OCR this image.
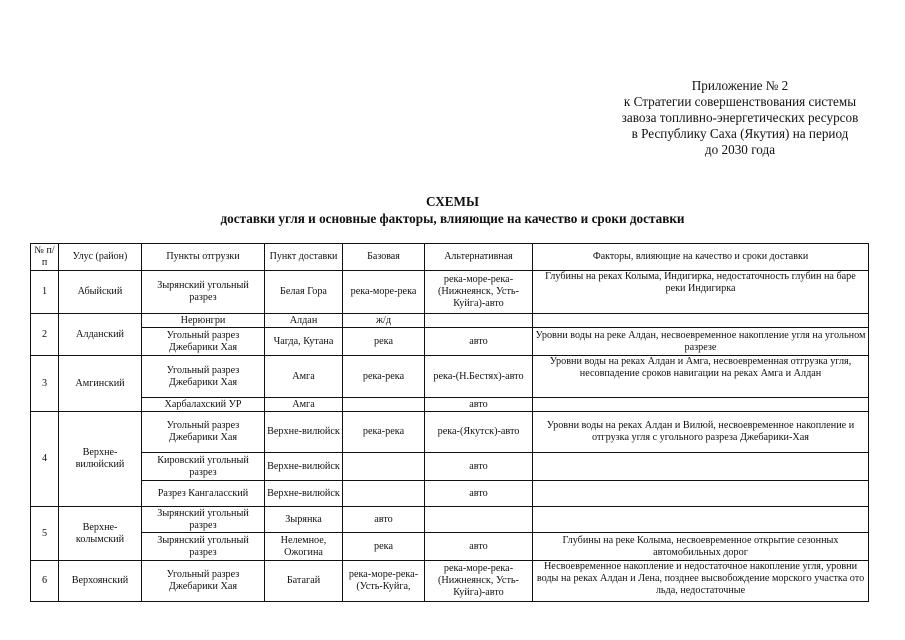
Приложение № 2
к Стратегии совершенствования системы
завоза топливно-энергетических ресурсов
в Республику Саха (Якутия) на период
до 2030 года
СХЕМЫ
доставки угля и основные факторы, влияющие на качество и сроки доставки
№ п/п	Улус (район)	Пункты отгрузки	Пункт доставки	Базовая	Альтернативная	Факторы, влияющие на качество и сроки доставки
1	Абыйский	Зырянский угольный разрез	Белая Гора	река-море-река	река-море-река-(Нижнеянск, Усть-Куйга)-авто	Глубины на реках Колыма, Индигирка, недостаточность глубин на баре реки Индигирка
2	Алданский	Нерюнгри	Алдан	ж/д		
		Угольный разрез Джебарики Хая	Чагда, Кутана	река	авто	Уровни воды на реке Алдан, несвоевременное накопление угля на угольном разрезе
3	Амгинский	Угольный разрез Джебарики Хая	Амга	река-река	река-(Н.Бестях)-авто	Уровни воды на реках Алдан и Амга, несвоевременная отгрузка угля, несовпадение сроков навигации на реках Амга и Алдан
		Харбалахский УР	Амга		авто	
4	Верхне-вилюйский	Угольный разрез Джебарики Хая	Верхне-вилюйск	река-река	река-(Якутск)-авто	Уровни воды на реках Алдан и Вилюй, несвоевременное накопление и отгрузка угля с угольного разреза Джебарики-Хая
		Кировский угольный разрез	Верхне-вилюйск		авто	
		Разрез Кангаласский	Верхне-вилюйск		авто	
5	Верхне-колымский	Зырянский угольный разрез	Зырянка	авто		
		Зырянский угольный разрез	Нелемное, Ожогина	река	авто	Глубины на реке Колыма, несвоевременное открытие сезонных автомобильных дорог
6	Верхоянский	Угольный разрез Джебарики Хая	Батагай	река-море-река-(Усть-Куйга,	река-море-река-(Нижнеянск, Усть-Куйга)-авто	Несвоевременное накопление и недостаточное накопление угля, уровни воды на реках Алдан и Лена, позднее высвобождение морского участка ото льда, недостаточные
